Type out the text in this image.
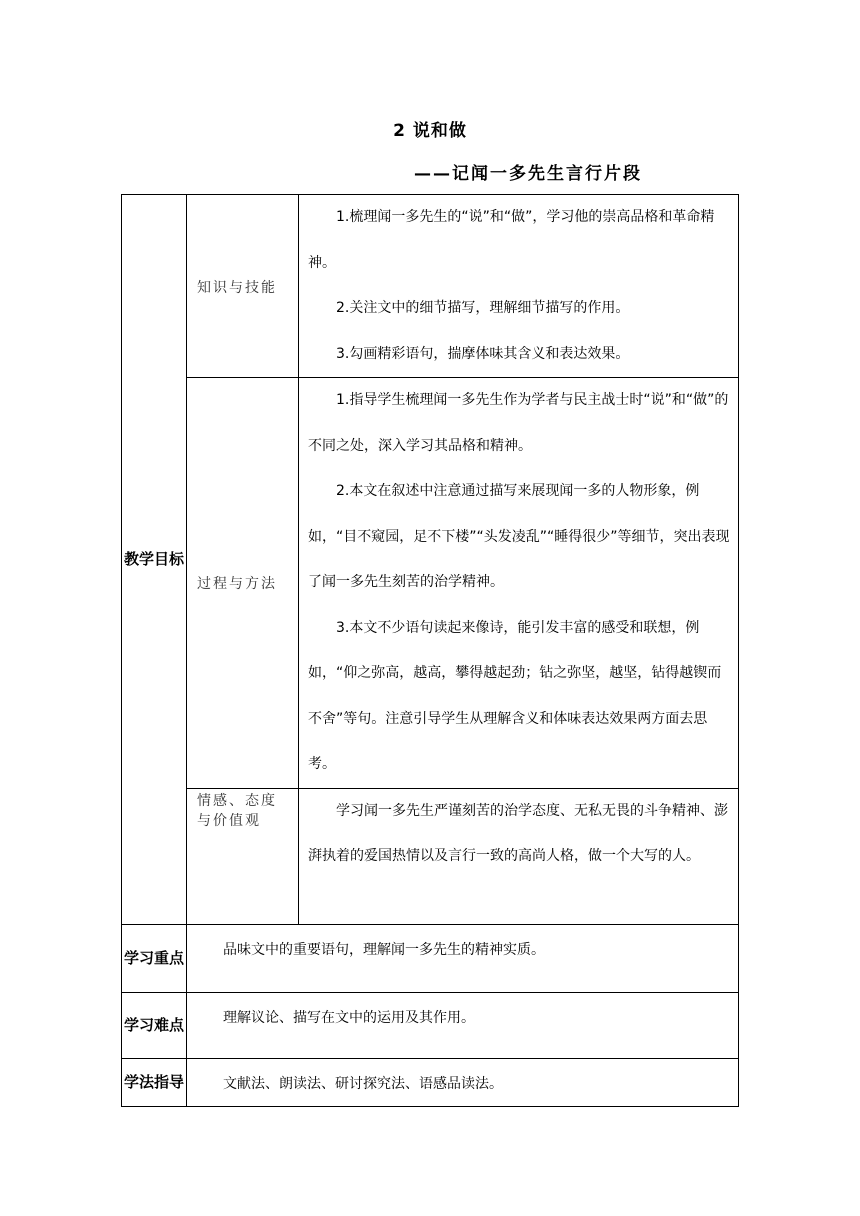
2 说和做
——记闻一多先生言行片段
教学目标	知识与技能	1.梳理闻一多先生的“说”和“做”，学习他的崇高品格和革命精神。

2.关注文中的细节描写，理解细节描写的作用。

3.勾画精彩语句，揣摩体味其含义和表达效果。

	过程与方法	1.指导学生梳理闻一多先生作为学者与民主战士时“说”和“做”的不同之处，深入学习其品格和精神。

2.本文在叙述中注意通过描写来展现闻一多的人物形象，例如，“目不窥园，足不下楼”“头发凌乱”“睡得很少”等细节，突出表现了闻一多先生刻苦的治学精神。

3.本文不少语句读起来像诗，能引发丰富的感受和联想，例如，“仰之弥高，越高，攀得越起劲；钻之弥坚，越坚，钻得越锲而不舍”等句。注意引导学生从理解含义和体味表达效果两方面去思考。

	情感、态度与价值观	学习闻一多先生严谨刻苦的治学态度、无私无畏的斗争精神、澎湃执着的爱国热情以及言行一致的高尚人格，做一个大写的人。

学习重点	品味文中的重要语句，理解闻一多先生的精神实质。	
学习难点	理解议论、描写在文中的运用及其作用。	
学法指导	文献法、朗读法、研讨探究法、语感品读法。	
